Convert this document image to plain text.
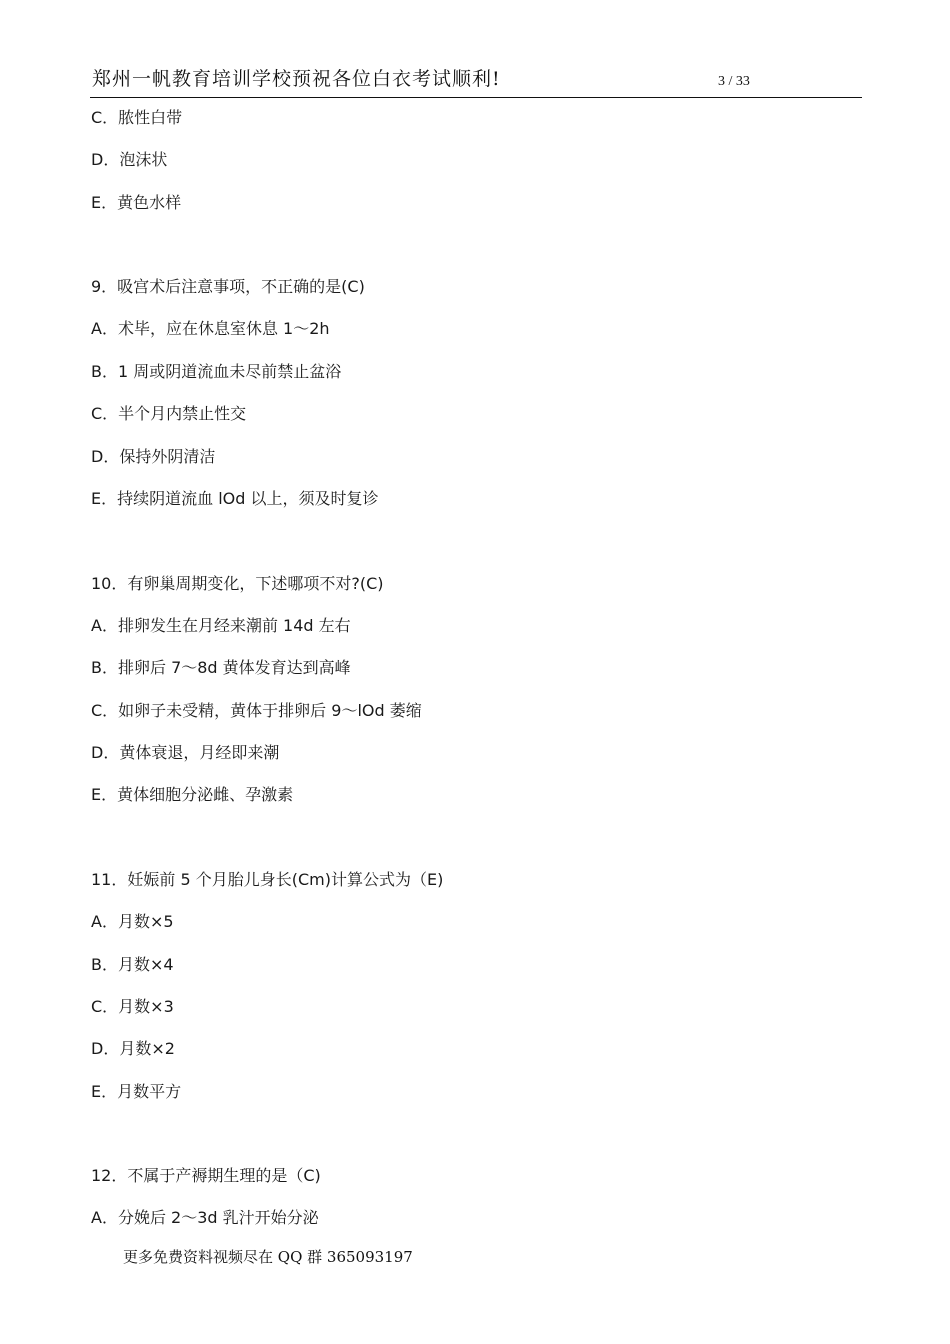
郑州一帆教育培训学校预祝各位白衣考试顺利!	3 / 33
C．脓性白带
D．泡沫状
E．黄色水样
9．吸宫术后注意事项，不正确的是(C)
A．术毕，应在休息室休息 1～2h
B．1 周或阴道流血未尽前禁止盆浴
C．半个月内禁止性交
D．保持外阴清洁
E．持续阴道流血 lOd 以上，须及时复诊
10．有卵巢周期变化，下述哪项不对?(C)
A．排卵发生在月经来潮前 14d 左右
B．排卵后 7～8d 黄体发育达到高峰
C．如卵子未受精，黄体于排卵后 9～lOd 萎缩
D．黄体衰退，月经即来潮
E．黄体细胞分泌雌、孕激素
11．妊娠前 5 个月胎儿身长(Cm)计算公式为（E)
A．月数×5
B．月数×4
C．月数×3
D．月数×2
E．月数平方
12．不属于产褥期生理的是（C)
A．分娩后 2～3d 乳汁开始分泌
更多免费资料视频尽在 QQ 群 365093197
